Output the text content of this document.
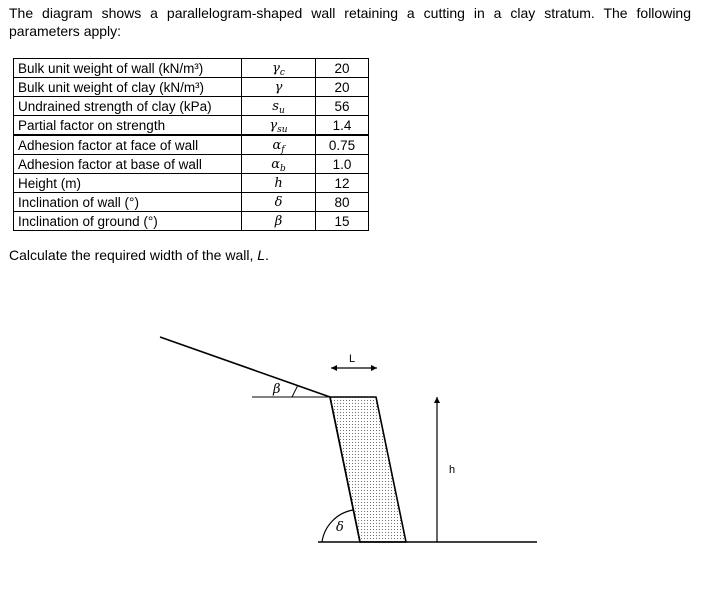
The diagram shows a parallelogram-shaped wall retaining a cutting in a clay stratum. The following parameters apply:
Bulk unit weight of wall (kN/m³)	$\gamma_c$	20
Bulk unit weight of clay (kN/m³)	γ	20
Undrained strength of clay (kPa)	$s_u$	56
Partial factor on strength	$\gamma_{su}$	1.4
Adhesion factor at face of wall	$\alpha_f$	0.75
Adhesion factor at base of wall	$\alpha_b$	1.0
Height (m)	h	12
Inclination of wall (°)	δ	80
Inclination of ground (°)	β	15
Calculate the required width of the wall, L.
β
δ
L
h
